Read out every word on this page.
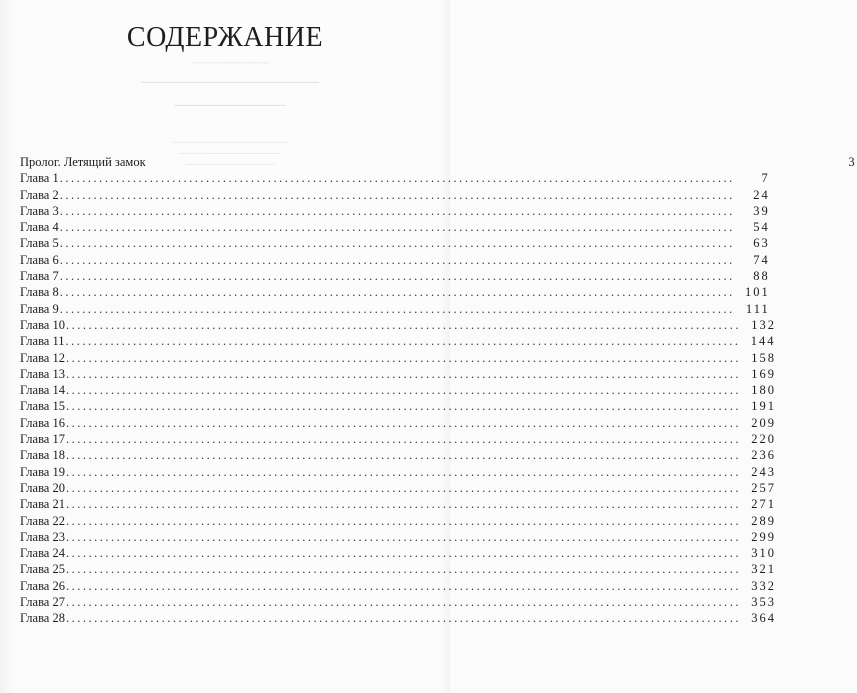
───────────
────────────────
──────────
──────────────────
────────────────
──────────────
СОДЕРЖАНИЕ
Пролог. Летящий замок	3
Глава 1 ........................................................................................................................	7
Глава 2 ........................................................................................................................	24
Глава 3 ........................................................................................................................	39
Глава 4 ........................................................................................................................	54
Глава 5 ........................................................................................................................	63
Глава 6 ........................................................................................................................	74
Глава 7 ........................................................................................................................	88
Глава 8 ........................................................................................................................ 101
Глава 9 ........................................................................................................................ 111
Глава 10 ........................................................................................................................ 132
Глава 11 ........................................................................................................................ 144
Глава 12 ........................................................................................................................ 158
Глава 13 ........................................................................................................................ 169
Глава 14 ........................................................................................................................ 180
Глава 15 ........................................................................................................................ 191
Глава 16 ........................................................................................................................ 209
Глава 17 ........................................................................................................................ 220
Глава 18 ........................................................................................................................ 236
Глава 19 ........................................................................................................................ 243
Глава 20 ........................................................................................................................ 257
Глава 21 ........................................................................................................................ 271
Глава 22 ........................................................................................................................ 289
Глава 23 ........................................................................................................................ 299
Глава 24 ........................................................................................................................ 310
Глава 25 ........................................................................................................................ 321
Глава 26 ........................................................................................................................ 332
Глава 27 ........................................................................................................................ 353
Глава 28 ........................................................................................................................ 364
